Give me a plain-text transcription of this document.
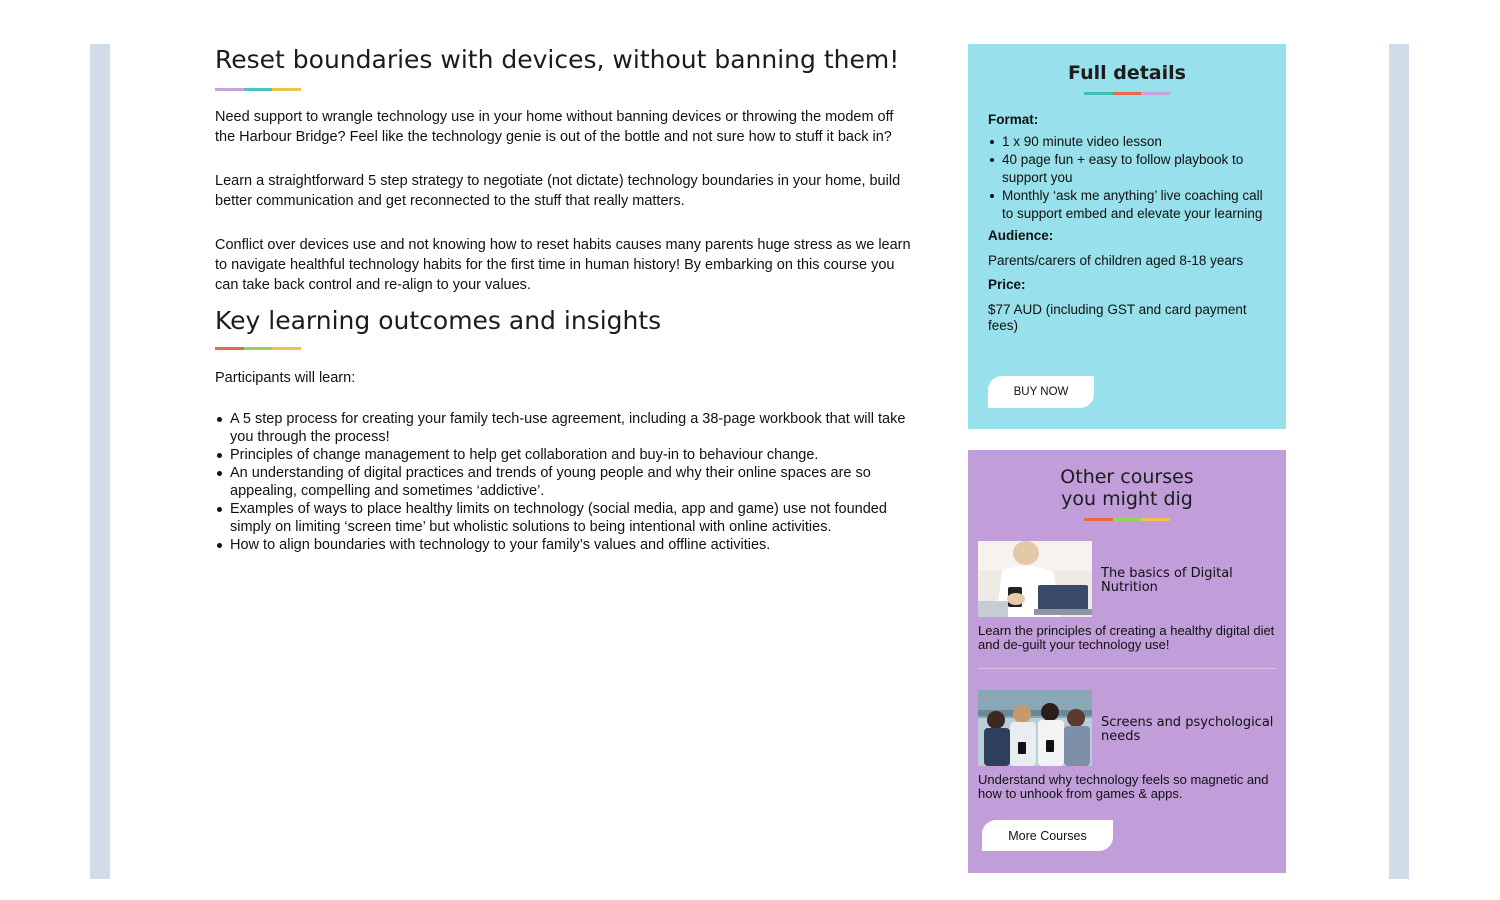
Reset boundaries with devices, without banning them!

Need support to wrangle technology use in your home without banning devices or throwing the modem off the Harbour Bridge? Feel like the technology genie is out of the bottle and not sure how to stuff it back in?

Learn a straightforward 5 step strategy to negotiate (not dictate) technology boundaries in your home, build better communication and get reconnected to the stuff that really matters.

Conflict over devices use and not knowing how to reset habits causes many parents huge stress as we learn to navigate healthful technology habits for the first time in human history! By embarking on this course you can take back control and re-align to your values.

Key learning outcomes and insights

Participants will learn:

A 5 step process for creating your family tech-use agreement, including a 38-page workbook that will take you through the process!
Principles of change management to help get collaboration and buy-in to behaviour change.
An understanding of digital practices and trends of young people and why their online spaces are so appealing, compelling and sometimes ‘addictive’.
Examples of ways to place healthy limits on technology (social media, app and game) use not founded simply on limiting ‘screen time’ but wholistic solutions to being intentional with online activities.
How to align boundaries with technology to your family’s values and offline activities.
Full details
Format:
1 x 90 minute video lesson
40 page fun + easy to follow playbook to support you
Monthly ‘ask me anything’ live coaching call to support embed and elevate your learning
Audience:
Parents/carers of children aged 8-18 years
Price:
$77 AUD (including GST and card payment fees)
BUY NOW
Other courses
you might dig
The basics of Digital Nutrition
Learn the principles of creating a healthy digital diet and de-guilt your technology use!
Screens and psychological needs
Understand why technology feels so magnetic and how to unhook from games & apps.
More Courses
